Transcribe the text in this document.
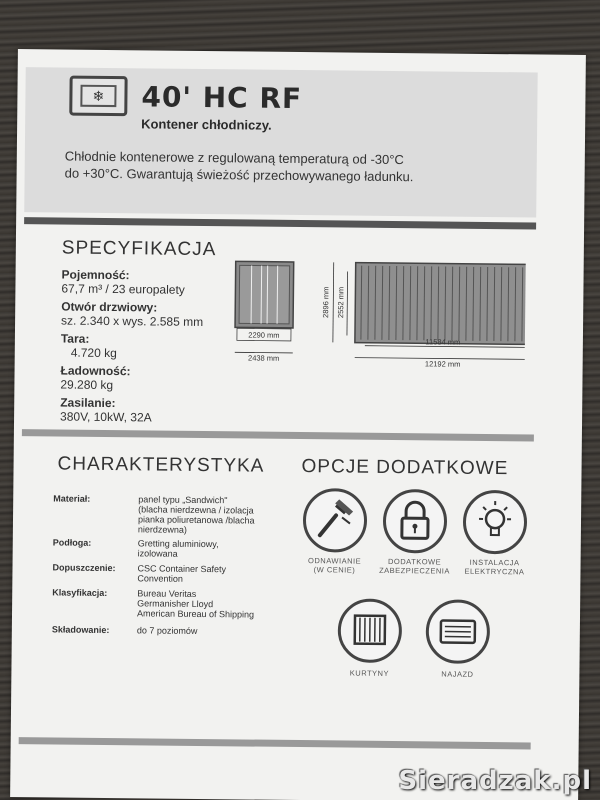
❄	40' HC RF
Kontener chłodniczy.
Chłodnie kontenerowe z regulowaną temperaturą od -30°C
do +30°C. Gwarantują świeżość przechowywanego ładunku.
SPECYFIKACJA
Pojemność:
67,7 m³ / 23 europalety
Otwór drzwiowy:
sz. 2.340 x wys. 2.585 mm
Tara:
4.720 kg
Ładowność:
29.280 kg
Zasilanie:
380V, 10kW, 32A
2290 mm
2438 mm
2896 mm 2552 mm
11584 mm
12192 mm
CHARAKTERYSTYKA
Materiał:	panel typu „Sandwich"
(blacha nierdzewna / izolacja
pianka poliuretanowa /blacha
nierdzewna)
Podłoga:	Gretting aluminiowy,
izolowana
Dopuszczenie: CSC Container Safety
Convention
Klasyfikacja:	Bureau Veritas
Germanisher Lloyd
American Bureau of Shipping
Składowanie:	do 7 poziomów
OPCJE DODATKOWE
ODNAWIANIE
(W CENIE)
DODATKOWE
ZABEZPIECZENIA
INSTALACJA
ELEKTRYCZNA
KURTYNY	NAJAZD
Sieradzak.pl
